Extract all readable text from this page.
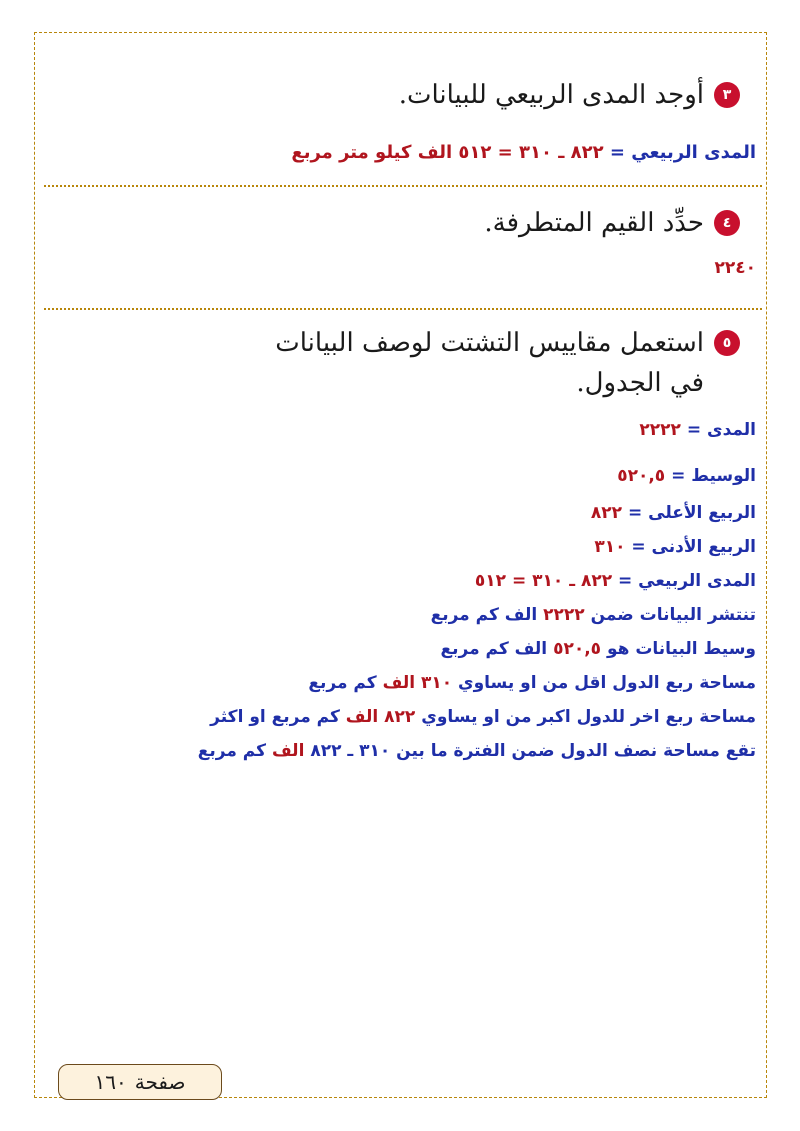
٣
أوجد المدى الربيعي للبيانات.
المدى الربيعي = ٨٢٢ ـ ٣١٠ = ٥١٢ الف كيلو متر مربع
٤
حدِّد القيم المتطرفة.
٢٢٤٠
٥
استعمل مقاييس التشتت لوصف البيانات
في الجدول.
المدى = ٢٢٢٢
الوسيط = ٥٢٠,٥
الربيع الأعلى = ٨٢٢
الربيع الأدنى = ٣١٠
المدى الربيعي = ٨٢٢ ـ ٣١٠ = ٥١٢
تنتشر البيانات ضمن ٢٢٢٢ الف كم مربع
وسيط البيانات هو ٥٢٠,٥ الف كم مربع
مساحة ربع الدول اقل من او يساوي ٣١٠ الف كم مربع
مساحة ربع اخر للدول اكبر من او يساوي ٨٢٢ الف كم مربع او اكثر
تقع مساحة نصف الدول ضمن الفترة ما بين ٣١٠ ـ ٨٢٢ الف كم مربع
صفحة
١٦٠
